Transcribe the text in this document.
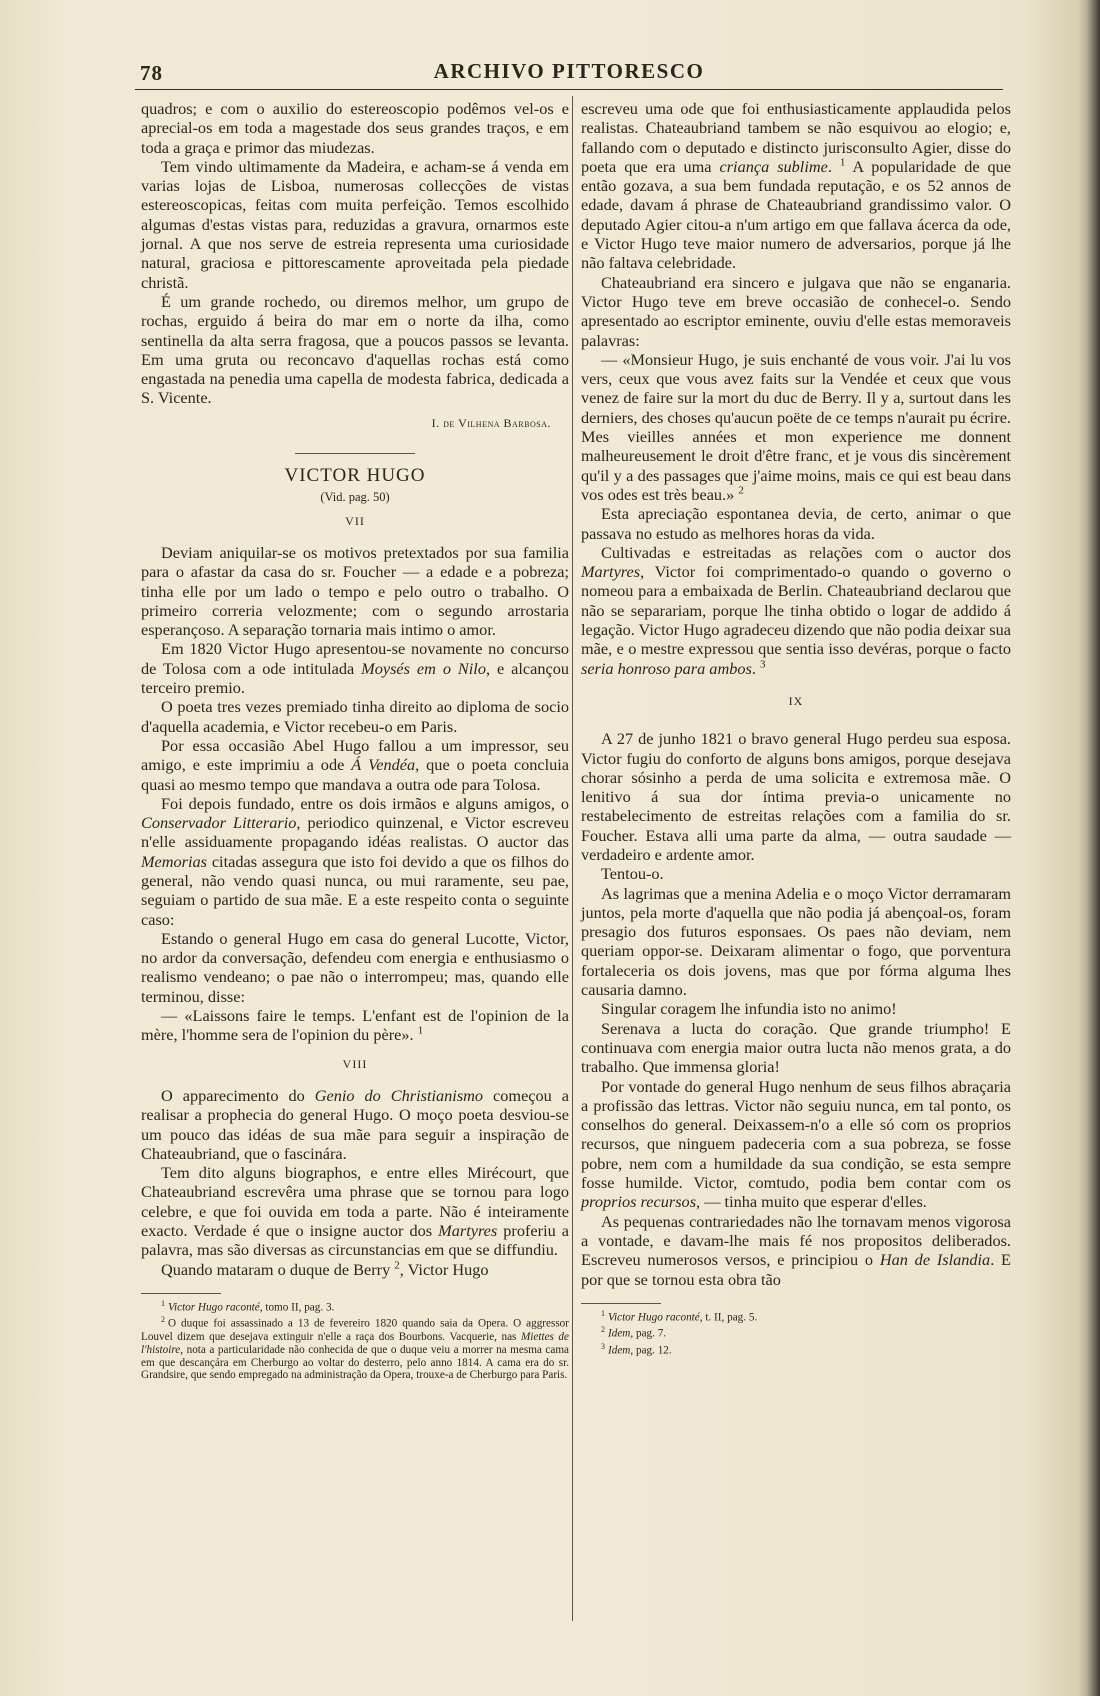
78	ARCHIVO PITTORESCO

quadros; e com o auxilio do estereoscopio podêmos vel-os e aprecial-os em toda a magestade dos seus grandes traços, e em toda a graça e primor das miudezas.

Tem vindo ultimamente da Madeira, e acham-se á venda em varias lojas de Lisboa, numerosas collecções de vistas estereoscopicas, feitas com muita perfeição. Temos escolhido algumas d'estas vistas para, reduzidas a gravura, ornarmos este jornal. A que nos serve de estreia representa uma curiosidade natural, graciosa e pittorescamente aproveitada pela piedade christã.

É um grande rochedo, ou diremos melhor, um grupo de rochas, erguido á beira do mar em o norte da ilha, como sentinella da alta serra fragosa, que a poucos passos se levanta. Em uma gruta ou reconcavo d'aquellas rochas está como engastada na penedia uma capella de modesta fabrica, dedicada a S. Vicente.

I. de Vilhena Barbosa.
VICTOR HUGO
(Vid. pag. 50)
VII

Deviam aniquilar-se os motivos pretextados por sua familia para o afastar da casa do sr. Foucher — a edade e a pobreza; tinha elle por um lado o tempo e pelo outro o trabalho. O primeiro correria velozmente; com o segundo arrostaria esperançoso. A separação tornaria mais intimo o amor.

Em 1820 Victor Hugo apresentou-se novamente no concurso de Tolosa com a ode intitulada Moysés em o Nilo, e alcançou terceiro premio.

O poeta tres vezes premiado tinha direito ao diploma de socio d'aquella academia, e Victor recebeu-o em Paris.

Por essa occasião Abel Hugo fallou a um impressor, seu amigo, e este imprimiu a ode Á Vendéa, que o poeta concluia quasi ao mesmo tempo que mandava a outra ode para Tolosa.

Foi depois fundado, entre os dois irmãos e alguns amigos, o Conservador Litterario, periodico quinzenal, e Victor escreveu n'elle assiduamente propagando idéas realistas. O auctor das Memorias citadas assegura que isto foi devido a que os filhos do general, não vendo quasi nunca, ou mui raramente, seu pae, seguiam o partido de sua mãe. E a este respeito conta o seguinte caso:

Estando o general Hugo em casa do general Lucotte, Victor, no ardor da conversação, defendeu com energia e enthusiasmo o realismo vendeano; o pae não o interrompeu; mas, quando elle terminou, disse:

— «Laissons faire le temps. L'enfant est de l'opinion de la mère, l'homme sera de l'opinion du père». $^1$

VIII

O apparecimento do Genio do Christianismo começou a realisar a prophecia do general Hugo. O moço poeta desviou-se um pouco das idéas de sua mãe para seguir a inspiração de Chateaubriand, que o fascinára.

Tem dito alguns biographos, e entre elles Mirécourt, que Chateaubriand escrevêra uma phrase que se tornou para logo celebre, e que foi ouvida em toda a parte. Não é inteiramente exacto. Verdade é que o insigne auctor dos Martyres proferiu a palavra, mas são diversas as circunstancias em que se diffundiu.

Quando mataram o duque de Berry $^2$, Victor Hugo

$^1$ Victor Hugo raconté, tomo II, pag. 3.

$^2$ O duque foi assassinado a 13 de fevereiro 1820 quando saia da Opera. O aggressor Louvel dizem que desejava extinguir n'elle a raça dos Bourbons. Vacquerie, nas Miettes de l'histoire, nota a particularidade não conhecida de que o duque veiu a morrer na mesma cama em que descançára em Cherburgo ao voltar do desterro, pelo anno 1814. A cama era do sr. Grandsire, que sendo empregado na administração da Opera, trouxe-a de Cherburgo para Paris.

escreveu uma ode que foi enthusiasticamente applaudida pelos realistas. Chateaubriand tambem se não esquivou ao elogio; e, fallando com o deputado e distincto jurisconsulto Agier, disse do poeta que era uma criança sublime. $^1$ A popularidade de que então gozava, a sua bem fundada reputação, e os 52 annos de edade, davam á phrase de Chateaubriand grandissimo valor. O deputado Agier citou-a n'um artigo em que fallava ácerca da ode, e Victor Hugo teve maior numero de adversarios, porque já lhe não faltava celebridade.

Chateaubriand era sincero e julgava que não se enganaria. Victor Hugo teve em breve occasião de conhecel-o. Sendo apresentado ao escriptor eminente, ouviu d'elle estas memoraveis palavras:

— «Monsieur Hugo, je suis enchanté de vous voir. J'ai lu vos vers, ceux que vous avez faits sur la Vendée et ceux que vous venez de faire sur la mort du duc de Berry. Il y a, surtout dans les derniers, des choses qu'aucun poëte de ce temps n'aurait pu écrire. Mes vieilles années et mon experience me donnent malheureusement le droit d'être franc, et je vous dis sincèrement qu'il y a des passages que j'aime moins, mais ce qui est beau dans vos odes est très beau.» $^2$

Esta apreciação espontanea devia, de certo, animar o que passava no estudo as melhores horas da vida.

Cultivadas e estreitadas as relações com o auctor dos Martyres, Victor foi comprimentado-o quando o governo o nomeou para a embaixada de Berlin. Chateaubriand declarou que não se separariam, porque lhe tinha obtido o logar de addido á legação. Victor Hugo agradeceu dizendo que não podia deixar sua mãe, e o mestre expressou que sentia isso devéras, porque o facto seria honroso para ambos. $^3$

IX

A 27 de junho 1821 o bravo general Hugo perdeu sua esposa. Victor fugiu do conforto de alguns bons amigos, porque desejava chorar sósinho a perda de uma solicita e extremosa mãe. O lenitivo á sua dor íntima previa-o unicamente no restabelecimento de estreitas relações com a familia do sr. Foucher. Estava alli uma parte da alma, — outra saudade — verdadeiro e ardente amor.

Tentou-o.

As lagrimas que a menina Adelia e o moço Victor derramaram juntos, pela morte d'aquella que não podia já abençoal-os, foram presagio dos futuros esponsaes. Os paes não deviam, nem queriam oppor-se. Deixaram alimentar o fogo, que porventura fortaleceria os dois jovens, mas que por fórma alguma lhes causaria damno.

Singular coragem lhe infundia isto no animo!

Serenava a lucta do coração. Que grande triumpho! E continuava com energia maior outra lucta não menos grata, a do trabalho. Que immensa gloria!

Por vontade do general Hugo nenhum de seus filhos abraçaria a profissão das lettras. Victor não seguiu nunca, em tal ponto, os conselhos do general. Deixassem-n'o a elle só com os proprios recursos, que ninguem padeceria com a sua pobreza, se fosse pobre, nem com a humildade da sua condição, se esta sempre fosse humilde. Victor, comtudo, podia bem contar com os proprios recursos, — tinha muito que esperar d'elles.

As pequenas contrariedades não lhe tornavam menos vigorosa a vontade, e davam-lhe mais fé nos propositos deliberados. Escreveu numerosos versos, e principiou o Han de Islandia. E por que se tornou esta obra tão

$^1$ Victor Hugo raconté, t. II, pag. 5.

$^2$ Idem, pag. 7.

$^3$ Idem, pag. 12.
